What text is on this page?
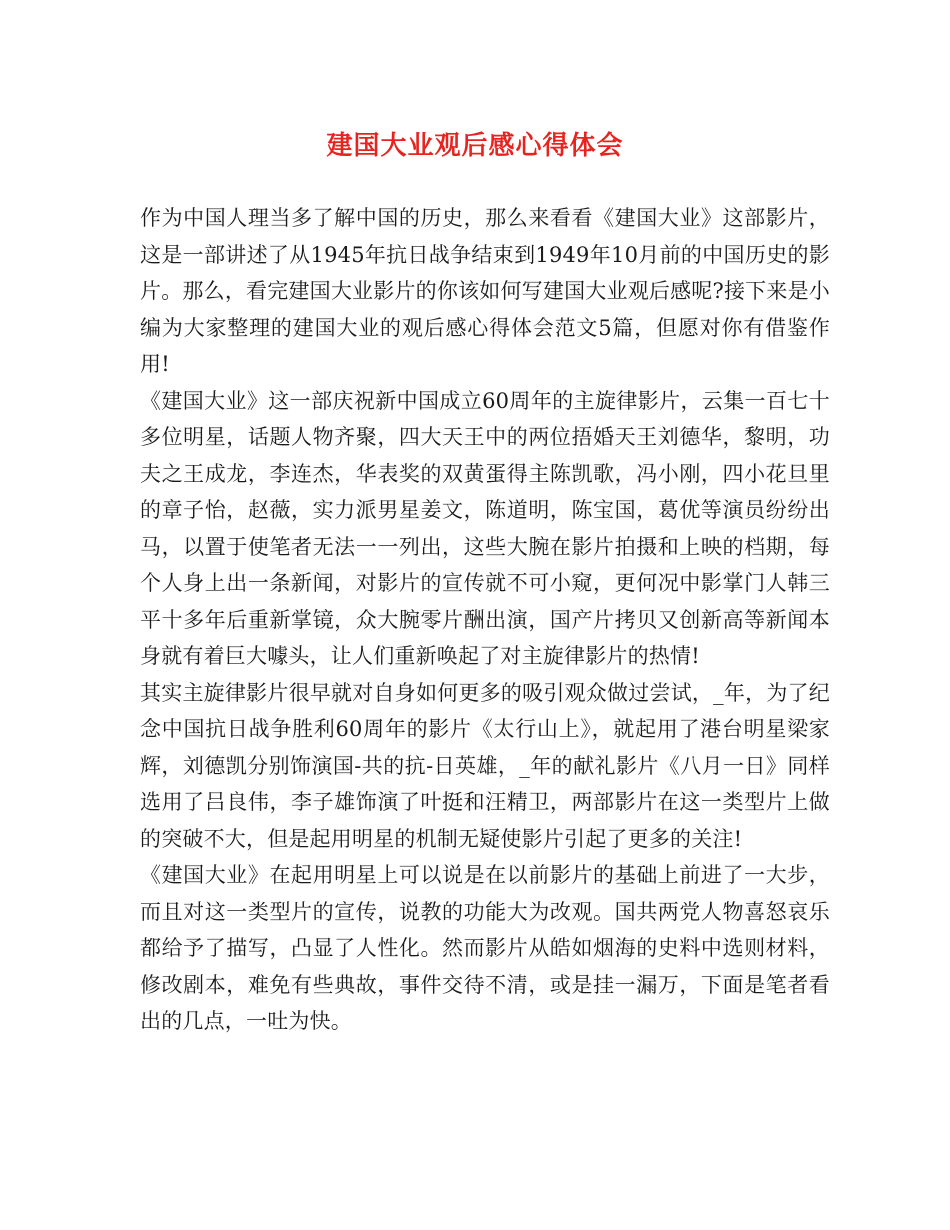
建国大业观后感心得体会

作为中国人理当多了解中国的历史，那么来看看《建国大业》这部影片，这是一部讲述了从1945年抗日战争结束到1949年10月前的中国历史的影片。那么，看完建国大业影片的你该如何写建国大业观后感呢?接下来是小编为大家整理的建国大业的观后感心得体会范文5篇，但愿对你有借鉴作用!

《建国大业》这一部庆祝新中国成立60周年的主旋律影片，云集一百七十多位明星，话题人物齐聚，四大天王中的两位捂婚天王刘德华，黎明，功夫之王成龙，李连杰，华表奖的双黄蛋得主陈凯歌，冯小刚，四小花旦里的章子怡，赵薇，实力派男星姜文，陈道明，陈宝国，葛优等演员纷纷出马，以置于使笔者无法一一列出，这些大腕在影片拍摄和上映的档期，每个人身上出一条新闻，对影片的宣传就不可小窥，更何况中影掌门人韩三平十多年后重新掌镜，众大腕零片酬出演，国产片拷贝又创新高等新闻本身就有着巨大噱头，让人们重新唤起了对主旋律影片的热情!

其实主旋律影片很早就对自身如何更多的吸引观众做过尝试，_年，为了纪念中国抗日战争胜利60周年的影片《太行山上》，就起用了港台明星梁家辉，刘德凯分别饰演国-共的抗-日英雄，_年的献礼影片《八月一日》同样选用了吕良伟，李子雄饰演了叶挺和汪精卫，两部影片在这一类型片上做的突破不大，但是起用明星的机制无疑使影片引起了更多的关注!

《建国大业》在起用明星上可以说是在以前影片的基础上前进了一大步，而且对这一类型片的宣传，说教的功能大为改观。国共两党人物喜怒哀乐都给予了描写，凸显了人性化。然而影片从皓如烟海的史料中选则材料，修改剧本，难免有些典故，事件交待不清，或是挂一漏万，下面是笔者看出的几点，一吐为快。
